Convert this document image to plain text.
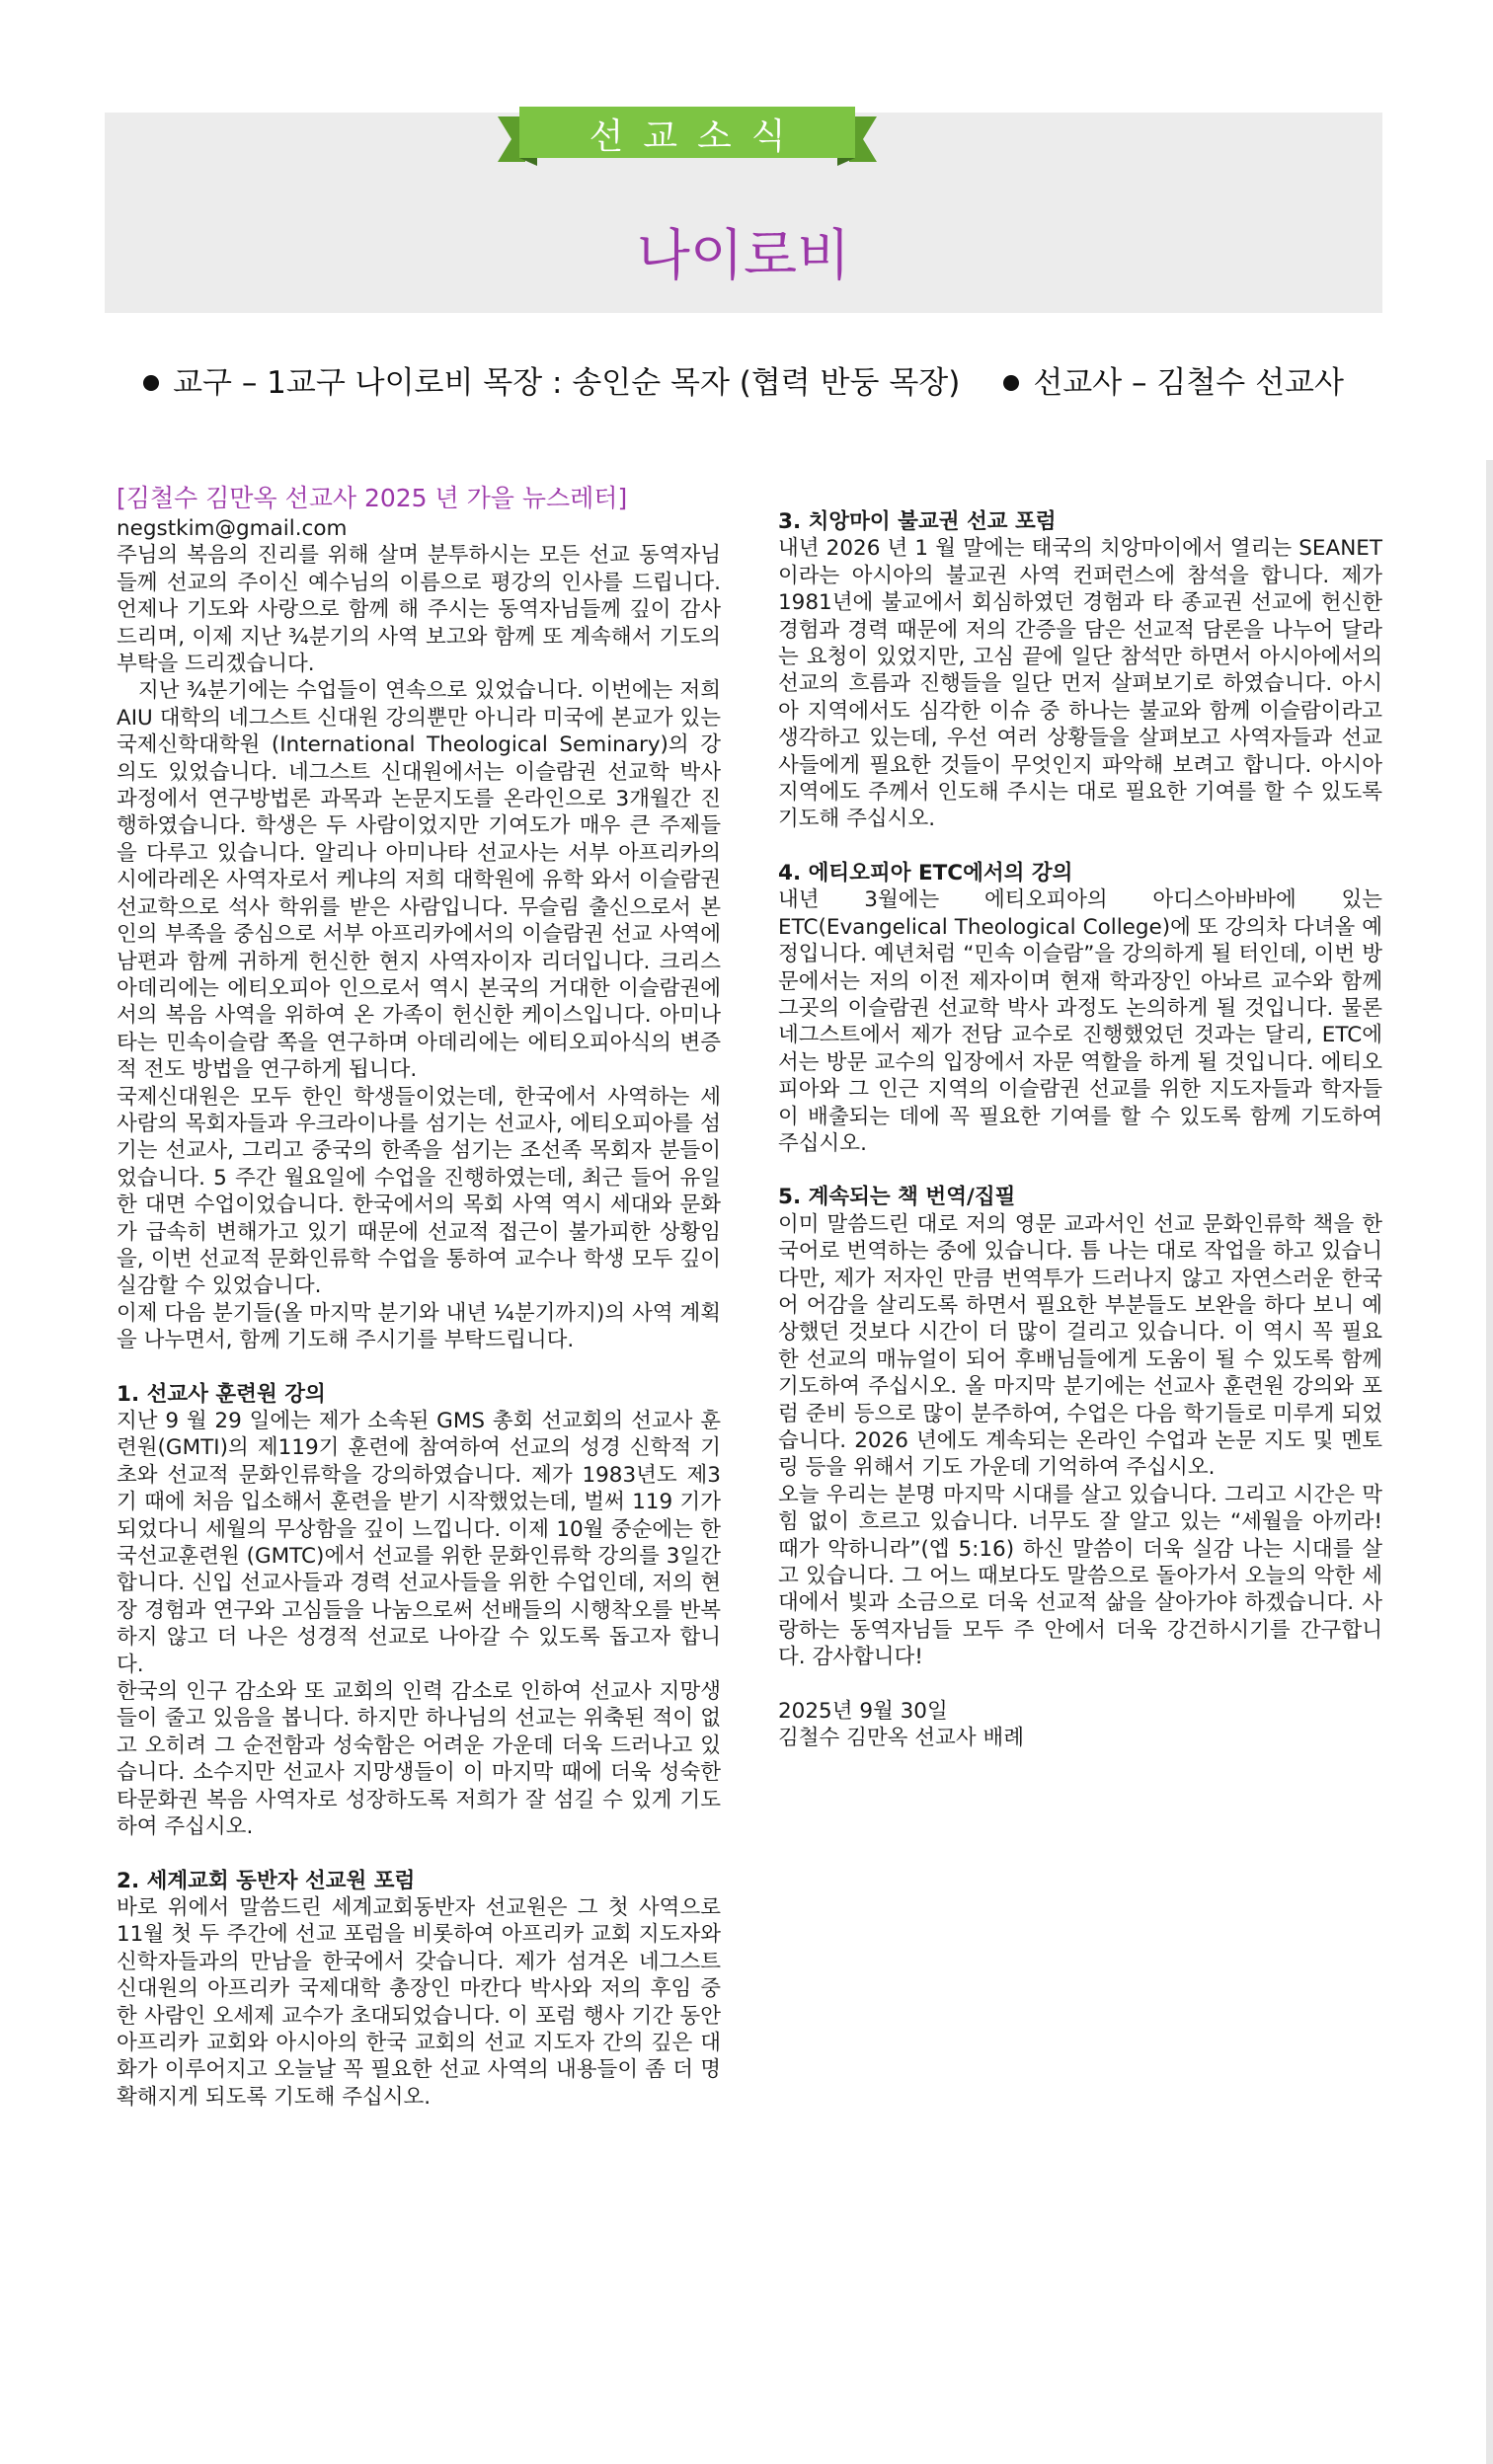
선교소식
나이로비
교구 – 1교구 나이로비 목장 : 송인순 목자 (협력 반둥 목장) 선교사 – 김철수 선교사

[김철수 김만옥 선교사 2025 년 가을 뉴스레터]

negstkim@gmail.com

주님의 복음의 진리를 위해 살며 분투하시는 모든 선교 동역자님들께 선교의 주이신 예수님의 이름으로 평강의 인사를 드립니다. 언제나 기도와 사랑으로 함께 해 주시는 동역자님들께 깊이 감사드리며, 이제 지난 ¾분기의 사역 보고와 함께 또 계속해서 기도의 부탁을 드리겠습니다.

지난 ¾분기에는 수업들이 연속으로 있었습니다. 이번에는 저희 AIU 대학의 네그스트 신대원 강의뿐만 아니라 미국에 본교가 있는 국제신학대학원 (International Theological Seminary)의 강의도 있었습니다. 네그스트 신대원에서는 이슬람권 선교학 박사 과정에서 연구방법론 과목과 논문지도를 온라인으로 3개월간 진행하였습니다. 학생은 두 사람이었지만 기여도가 매우 큰 주제들을 다루고 있습니다. 알리나 아미나타 선교사는 서부 아프리카의 시에라레온 사역자로서 케냐의 저희 대학원에 유학 와서 이슬람권 선교학으로 석사 학위를 받은 사람입니다. 무슬림 출신으로서 본인의 부족을 중심으로 서부 아프리카에서의 이슬람권 선교 사역에 남편과 함께 귀하게 헌신한 현지 사역자이자 리더입니다. 크리스 아데리에는 에티오피아 인으로서 역시 본국의 거대한 이슬람권에서의 복음 사역을 위하여 온 가족이 헌신한 케이스입니다. 아미나타는 민속이슬람 쪽을 연구하며 아데리에는 에티오피아식의 변증적 전도 방법을 연구하게 됩니다.

국제신대원은 모두 한인 학생들이었는데, 한국에서 사역하는 세 사람의 목회자들과 우크라이나를 섬기는 선교사, 에티오피아를 섬기는 선교사, 그리고 중국의 한족을 섬기는 조선족 목회자 분들이었습니다. 5 주간 월요일에 수업을 진행하였는데, 최근 들어 유일한 대면 수업이었습니다. 한국에서의 목회 사역 역시 세대와 문화가 급속히 변해가고 있기 때문에 선교적 접근이 불가피한 상황임을, 이번 선교적 문화인류학 수업을 통하여 교수나 학생 모두 깊이 실감할 수 있었습니다.

이제 다음 분기들(올 마지막 분기와 내년 ¼분기까지)의 사역 계획을 나누면서, 함께 기도해 주시기를 부탁드립니다.

1. 선교사 훈련원 강의

지난 9 월 29 일에는 제가 소속된 GMS 총회 선교회의 선교사 훈련원(GMTI)의 제119기 훈련에 참여하여 선교의 성경 신학적 기초와 선교적 문화인류학을 강의하였습니다. 제가 1983년도 제3기 때에 처음 입소해서 훈련을 받기 시작했었는데, 벌써 119 기가 되었다니 세월의 무상함을 깊이 느낍니다. 이제 10월 중순에는 한국선교훈련원 (GMTC)에서 선교를 위한 문화인류학 강의를 3일간 합니다. 신입 선교사들과 경력 선교사들을 위한 수업인데, 저의 현장 경험과 연구와 고심들을 나눔으로써 선배들의 시행착오를 반복하지 않고 더 나은 성경적 선교로 나아갈 수 있도록 돕고자 합니다.

한국의 인구 감소와 또 교회의 인력 감소로 인하여 선교사 지망생들이 줄고 있음을 봅니다. 하지만 하나님의 선교는 위축된 적이 없고 오히려 그 순전함과 성숙함은 어려운 가운데 더욱 드러나고 있습니다. 소수지만 선교사 지망생들이 이 마지막 때에 더욱 성숙한 타문화권 복음 사역자로 성장하도록 저희가 잘 섬길 수 있게 기도하여 주십시오.

2. 세계교회 동반자 선교원 포럼

바로 위에서 말씀드린 세계교회동반자 선교원은 그 첫 사역으로 11월 첫 두 주간에 선교 포럼을 비롯하여 아프리카 교회 지도자와 신학자들과의 만남을 한국에서 갖습니다. 제가 섬겨온 네그스트 신대원의 아프리카 국제대학 총장인 마칸다 박사와 저의 후임 중 한 사람인 오세제 교수가 초대되었습니다. 이 포럼 행사 기간 동안 아프리카 교회와 아시아의 한국 교회의 선교 지도자 간의 깊은 대화가 이루어지고 오늘날 꼭 필요한 선교 사역의 내용들이 좀 더 명확해지게 되도록 기도해 주십시오.

3. 치앙마이 불교권 선교 포럼

내년 2026 년 1 월 말에는 태국의 치앙마이에서 열리는 SEANET이라는 아시아의 불교권 사역 컨퍼런스에 참석을 합니다. 제가 1981년에 불교에서 회심하였던 경험과 타 종교권 선교에 헌신한 경험과 경력 때문에 저의 간증을 담은 선교적 담론을 나누어 달라는 요청이 있었지만, 고심 끝에 일단 참석만 하면서 아시아에서의 선교의 흐름과 진행들을 일단 먼저 살펴보기로 하였습니다. 아시아 지역에서도 심각한 이슈 중 하나는 불교와 함께 이슬람이라고 생각하고 있는데, 우선 여러 상황들을 살펴보고 사역자들과 선교사들에게 필요한 것들이 무엇인지 파악해 보려고 합니다. 아시아 지역에도 주께서 인도해 주시는 대로 필요한 기여를 할 수 있도록 기도해 주십시오.

4. 에티오피아 ETC에서의 강의

내년 3월에는 에티오피아의 아디스아바바에 있는 ETC(Evangelical Theological College)에 또 강의차 다녀올 예정입니다. 예년처럼 “민속 이슬람”을 강의하게 될 터인데, 이번 방문에서는 저의 이전 제자이며 현재 학과장인 아놔르 교수와 함께 그곳의 이슬람권 선교학 박사 과정도 논의하게 될 것입니다. 물론 네그스트에서 제가 전담 교수로 진행했었던 것과는 달리, ETC에서는 방문 교수의 입장에서 자문 역할을 하게 될 것입니다. 에티오피아와 그 인근 지역의 이슬람권 선교를 위한 지도자들과 학자들이 배출되는 데에 꼭 필요한 기여를 할 수 있도록 함께 기도하여 주십시오.

5. 계속되는 책 번역/집필

이미 말씀드린 대로 저의 영문 교과서인 선교 문화인류학 책을 한국어로 번역하는 중에 있습니다. 틈 나는 대로 작업을 하고 있습니다만, 제가 저자인 만큼 번역투가 드러나지 않고 자연스러운 한국어 어감을 살리도록 하면서 필요한 부분들도 보완을 하다 보니 예상했던 것보다 시간이 더 많이 걸리고 있습니다. 이 역시 꼭 필요한 선교의 매뉴얼이 되어 후배님들에게 도움이 될 수 있도록 함께 기도하여 주십시오. 올 마지막 분기에는 선교사 훈련원 강의와 포럼 준비 등으로 많이 분주하여, 수업은 다음 학기들로 미루게 되었습니다. 2026 년에도 계속되는 온라인 수업과 논문 지도 및 멘토링 등을 위해서 기도 가운데 기억하여 주십시오.

오늘 우리는 분명 마지막 시대를 살고 있습니다. 그리고 시간은 막힘 없이 흐르고 있습니다. 너무도 잘 알고 있는 “세월을 아끼라! 때가 악하니라”(엡 5:16) 하신 말씀이 더욱 실감 나는 시대를 살고 있습니다. 그 어느 때보다도 말씀으로 돌아가서 오늘의 악한 세대에서 빛과 소금으로 더욱 선교적 삶을 살아가야 하겠습니다. 사랑하는 동역자님들 모두 주 안에서 더욱 강건하시기를 간구합니다. 감사합니다!

2025년 9월 30일

김철수 김만옥 선교사 배례
